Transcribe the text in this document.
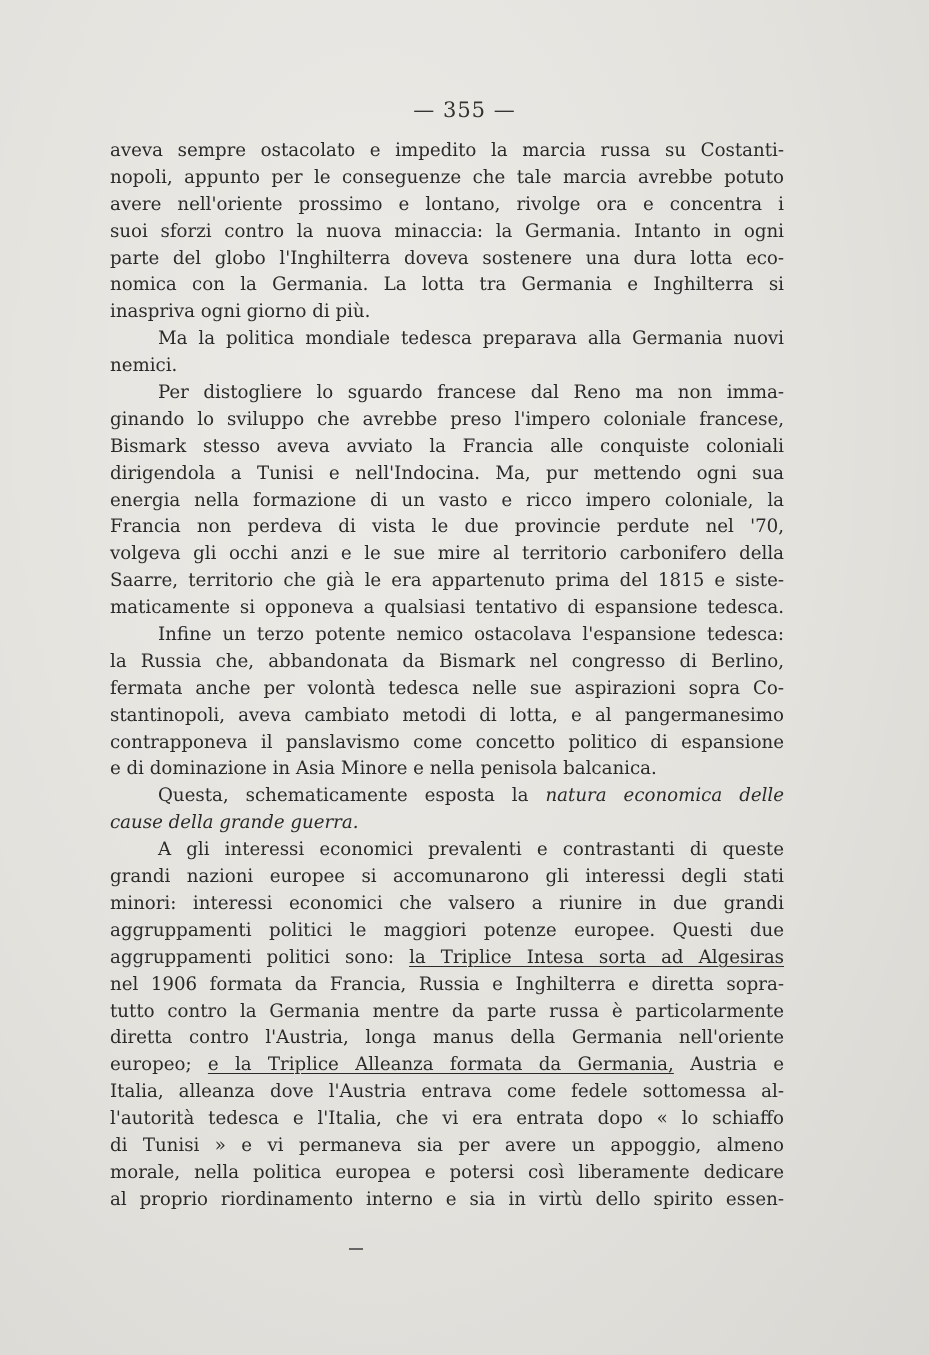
— 355 —
aveva sempre ostacolato e impedito la marcia russa su Costanti-
nopoli, appunto per le conseguenze che tale marcia avrebbe potuto
avere nell'oriente prossimo e lontano, rivolge ora e concentra i
suoi sforzi contro la nuova minaccia: la Germania. Intanto in ogni
parte del globo l'Inghilterra doveva sostenere una dura lotta eco-
nomica con la Germania. La lotta tra Germania e Inghilterra si
inaspriva ogni giorno di più.
Ma la politica mondiale tedesca preparava alla Germania nuovi
nemici.
Per distogliere lo sguardo francese dal Reno ma non imma-
ginando lo sviluppo che avrebbe preso l'impero coloniale francese,
Bismark stesso aveva avviato la Francia alle conquiste coloniali
dirigendola a Tunisi e nell'Indocina. Ma, pur mettendo ogni sua
energia nella formazione di un vasto e ricco impero coloniale, la
Francia non perdeva di vista le due provincie perdute nel '70,
volgeva gli occhi anzi e le sue mire al territorio carbonifero della
Saarre, territorio che già le era appartenuto prima del 1815 e siste-
maticamente si opponeva a qualsiasi tentativo di espansione tedesca.
Infine un terzo potente nemico ostacolava l'espansione tedesca:
la Russia che, abbandonata da Bismark nel congresso di Berlino,
fermata anche per volontà tedesca nelle sue aspirazioni sopra Co-
stantinopoli, aveva cambiato metodi di lotta, e al pangermanesimo
contrapponeva il panslavismo come concetto politico di espansione
e di dominazione in Asia Minore e nella penisola balcanica.
Questa, schematicamente esposta la natura economica delle
cause della grande guerra.
A gli interessi economici prevalenti e contrastanti di queste
grandi nazioni europee si accomunarono gli interessi degli stati
minori: interessi economici che valsero a riunire in due grandi
aggruppamenti politici le maggiori potenze europee. Questi due
aggruppamenti politici sono: la Triplice Intesa sorta ad Algesiras
nel 1906 formata da Francia, Russia e Inghilterra e diretta sopra-
tutto contro la Germania mentre da parte russa è particolarmente
diretta contro l'Austria, longa manus della Germania nell'oriente
europeo; e la Triplice Alleanza formata da Germania, Austria e
Italia, alleanza dove l'Austria entrava come fedele sottomessa al-
l'autorità tedesca e l'Italia, che vi era entrata dopo « lo schiaffo
di Tunisi » e vi permaneva sia per avere un appoggio, almeno
morale, nella politica europea e potersi così liberamente dedicare
al proprio riordinamento interno e sia in virtù dello spirito essen-
